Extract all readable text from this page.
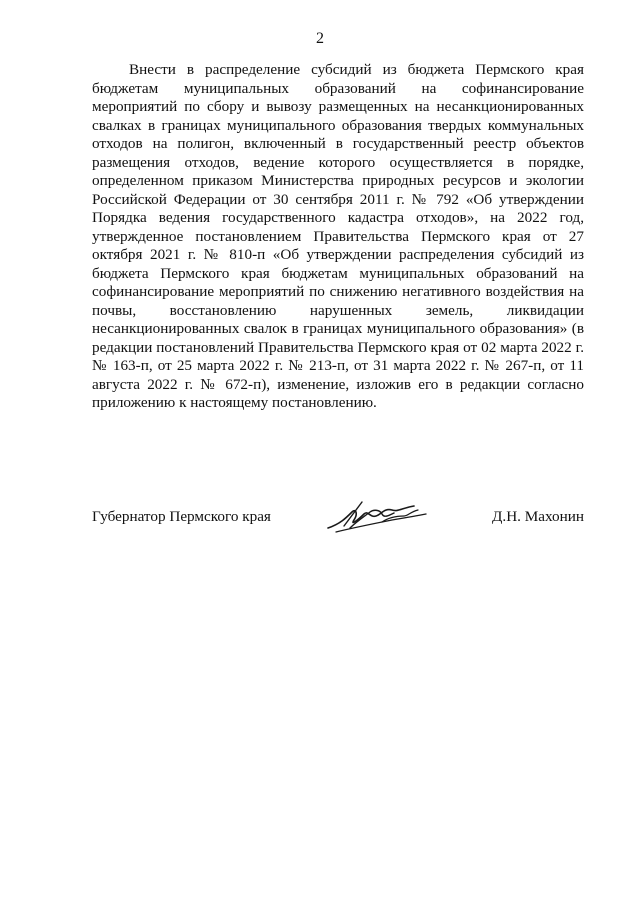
2

Внести в распределение субсидий из бюджета Пермского края бюджетам муниципальных образований на софинансирование мероприятий по сбору и вывозу размещенных на несанкционированных свалках в границах муниципального образования твердых коммунальных отходов на полигон, включенный в государственный реестр объектов размещения отходов, ведение которого осуществляется в порядке, определенном приказом Министерства природных ресурсов и экологии Российской Федерации от 30 сентября 2011 г. № 792 «Об утверждении Порядка ведения государственного кадастра отходов», на 2022 год, утвержденное постановлением Правительства Пермского края от 27 октября 2021 г. № 810-п «Об утверждении распределения субсидий из бюджета Пермского края бюджетам муниципальных образований на софинансирование мероприятий по снижению негативного воздействия на почвы, восстановлению нарушенных земель, ликвидации несанкционированных свалок в границах муниципального образования» (в редакции постановлений Правительства Пермского края от 02 марта 2022 г. № 163-п, от 25 марта 2022 г. № 213-п, от 31 марта 2022 г. № 267-п, от 11 августа 2022 г. № 672-п), изменение, изложив его в редакции согласно приложению к настоящему постановлению.

Губернатор Пермского края	Д.Н. Махонин
